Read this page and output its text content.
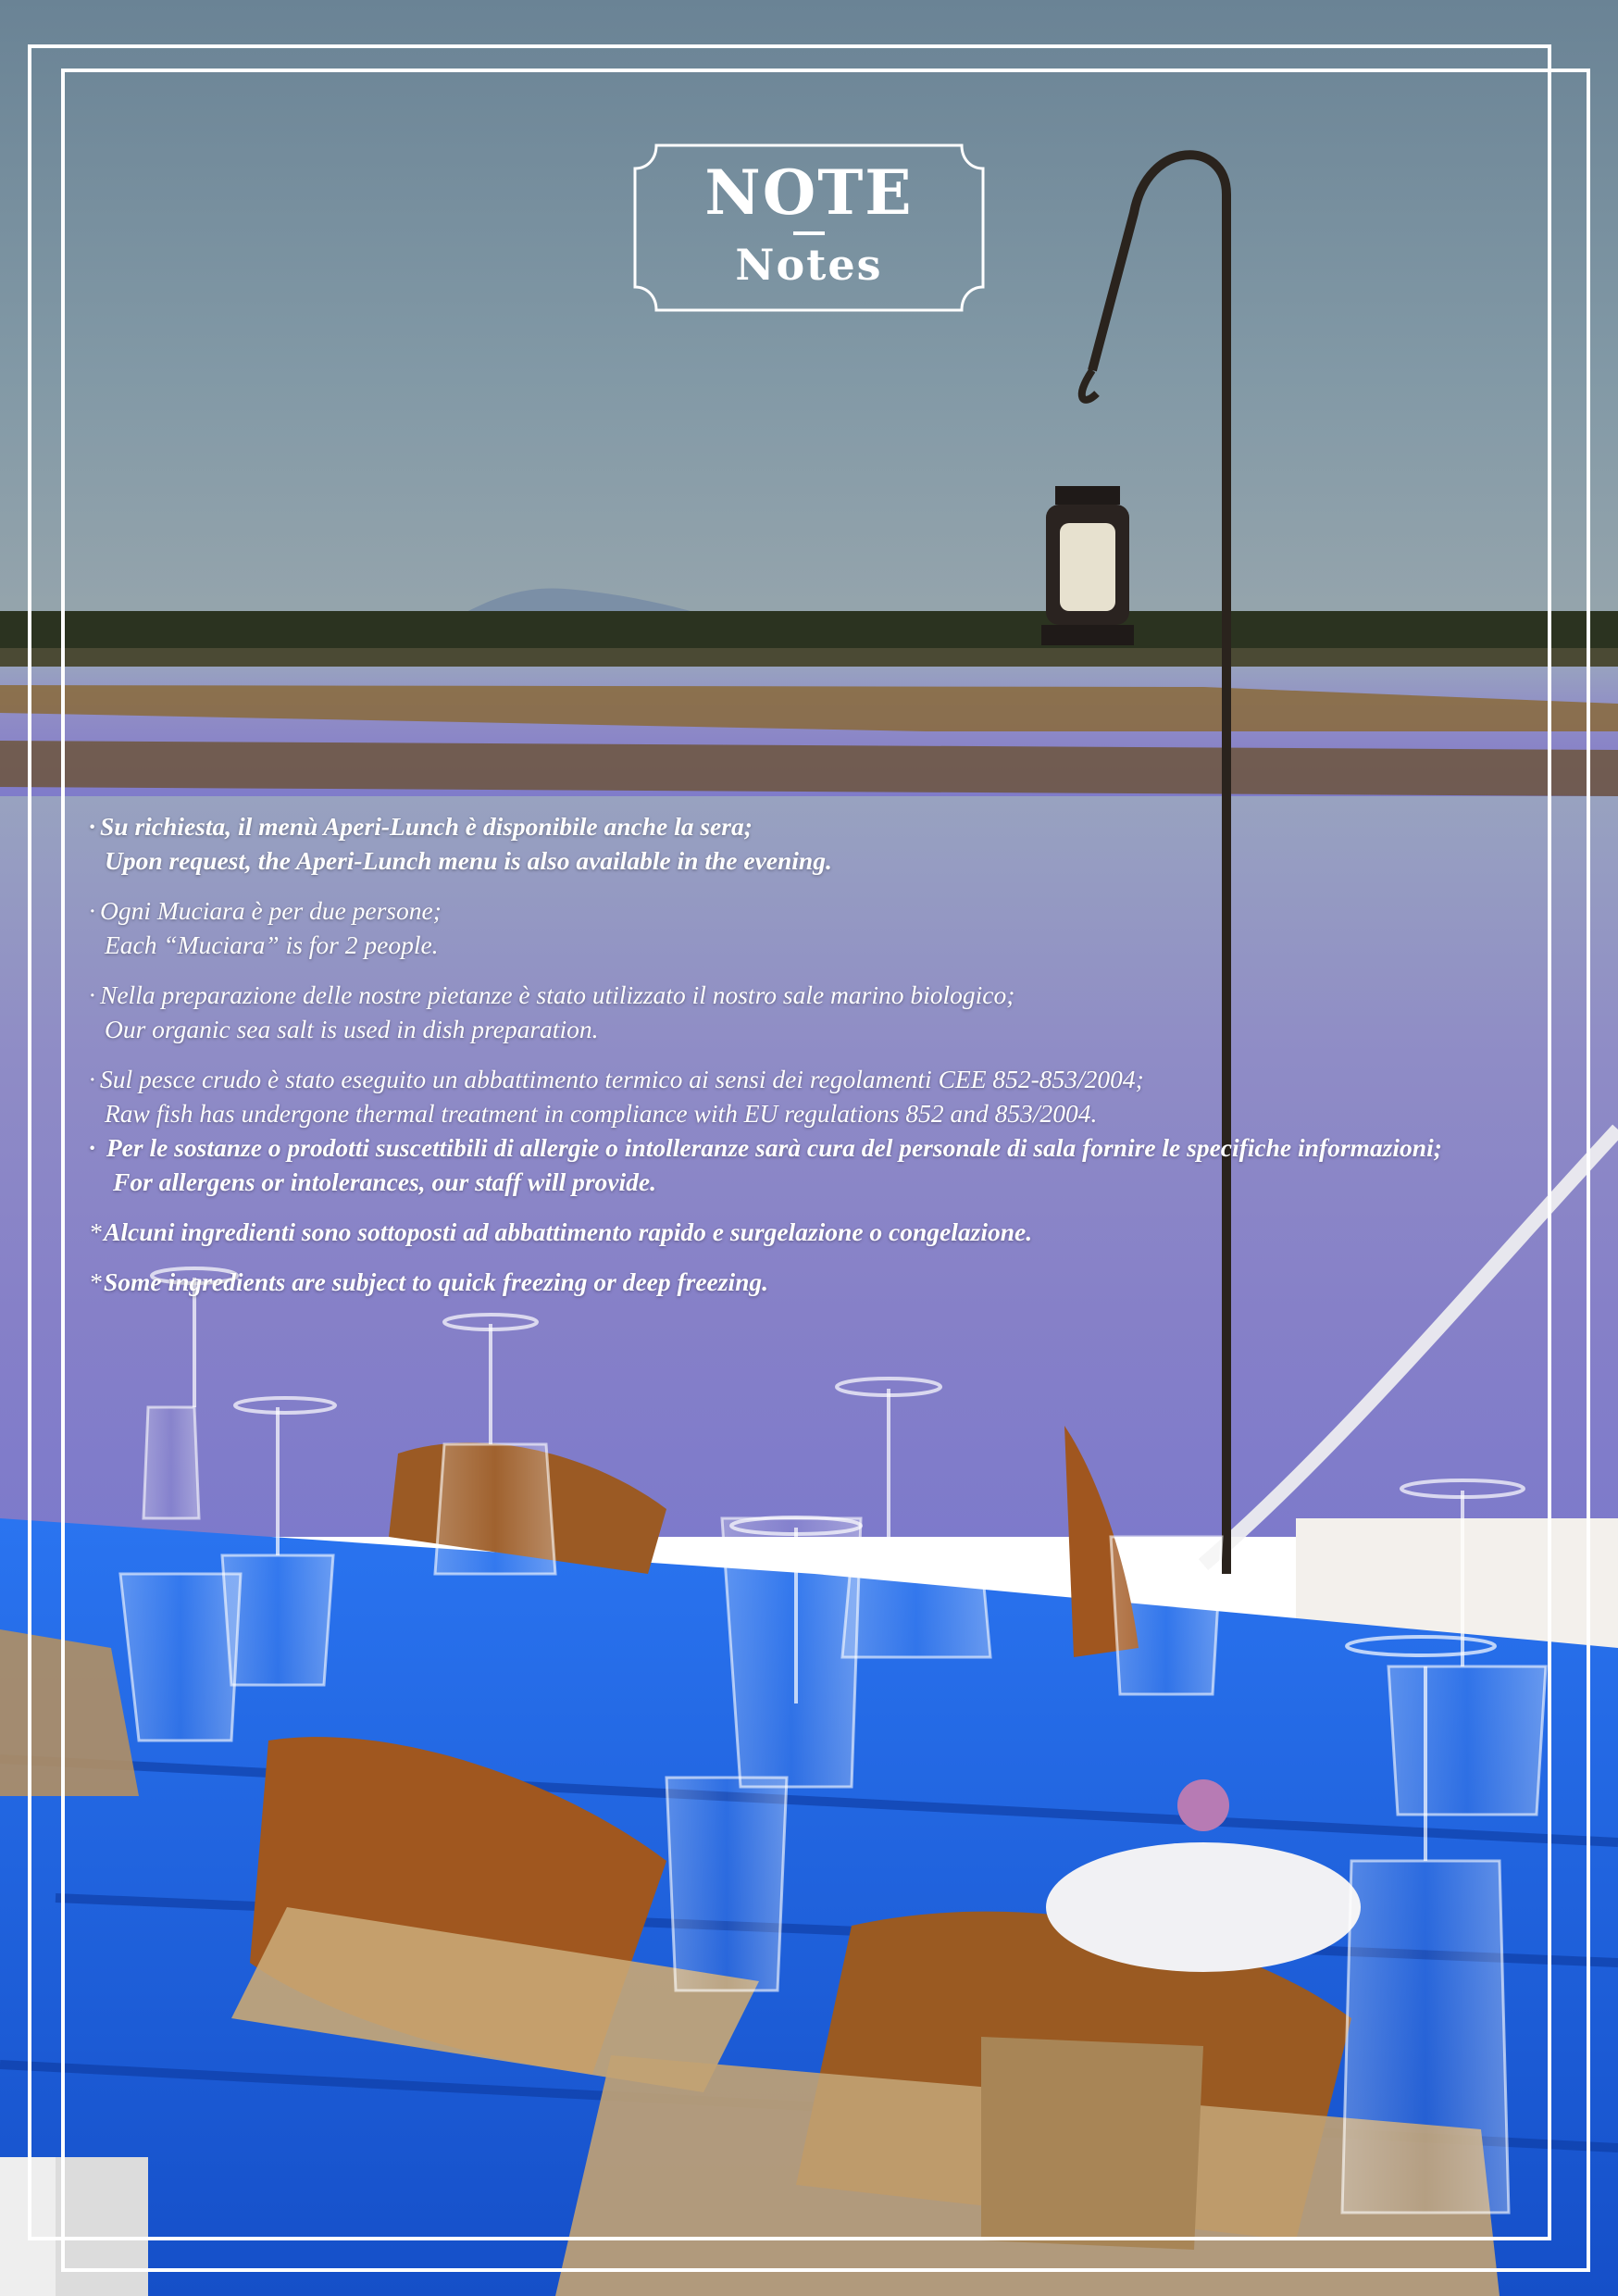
NOTE
Notes
· Su richiesta, il menù Aperi-Lunch è disponibile anche la sera;
Upon request, the Aperi-Lunch menu is also available in the evening.
· Ogni Muciara è per due persone;
Each “Muciara” is for 2 people.
· Nella preparazione delle nostre pietanze è stato utilizzato il nostro sale marino biologico;
Our organic sea salt is used in dish preparation.
· Sul pesce crudo è stato eseguito un abbattimento termico ai sensi dei regolamenti CEE 852-853/2004;
Raw fish has undergone thermal treatment in compliance with EU regulations 852 and 853/2004.
· Per le sostanze o prodotti suscettibili di allergie o intolleranze sarà cura del personale di sala fornire le specifiche informazioni;
For allergens or intolerances, our staff will provide.
*Alcuni ingredienti sono sottoposti ad abbattimento rapido e surgelazione o congelazione.
*Some ingredients are subject to quick freezing or deep freezing.
